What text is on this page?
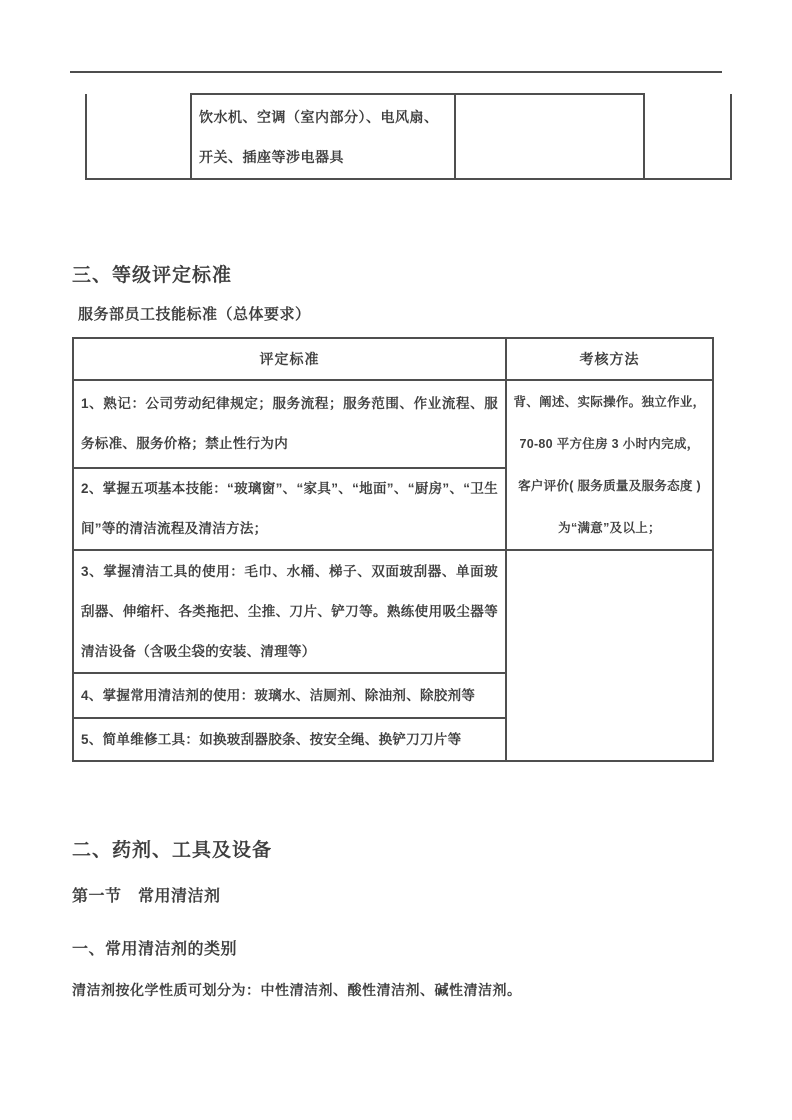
饮水机、空调（室内部分）、电风扇、
开关、插座等涉电器具

三、等级评定标准
服务部员工技能标准（总体要求）
评定标准	考核方法
1、熟记：公司劳动纪律规定；服务流程；服务范围、作业流程、服务标准、服务价格；禁止性行为内	背、阐述、实际操作。独立作业，
70-80 平方住房 3 小时内完成，
客户评价( 服务质量及服务态度 )
为“满意”及以上；

2、掌握五项基本技能：“玻璃窗”、“家具”、“地面”、“厨房”、“卫生间”等的清洁流程及清洁方法；	
3、掌握清洁工具的使用：毛巾、水桶、梯子、双面玻刮器、单面玻刮器、伸缩杆、各类拖把、尘推、刀片、铲刀等。熟练使用吸尘器等清洁设备（含吸尘袋的安装、清理等）	
4、掌握常用清洁剂的使用：玻璃水、洁厕剂、除油剂、除胶剂等	
5、简单维修工具：如换玻刮器胶条、按安全绳、换铲刀刀片等	
二、药剂、工具及设备
第一节　常用清洁剂
一、常用清洁剂的类别
清洁剂按化学性质可划分为：中性清洁剂、酸性清洁剂、碱性清洁剂。
